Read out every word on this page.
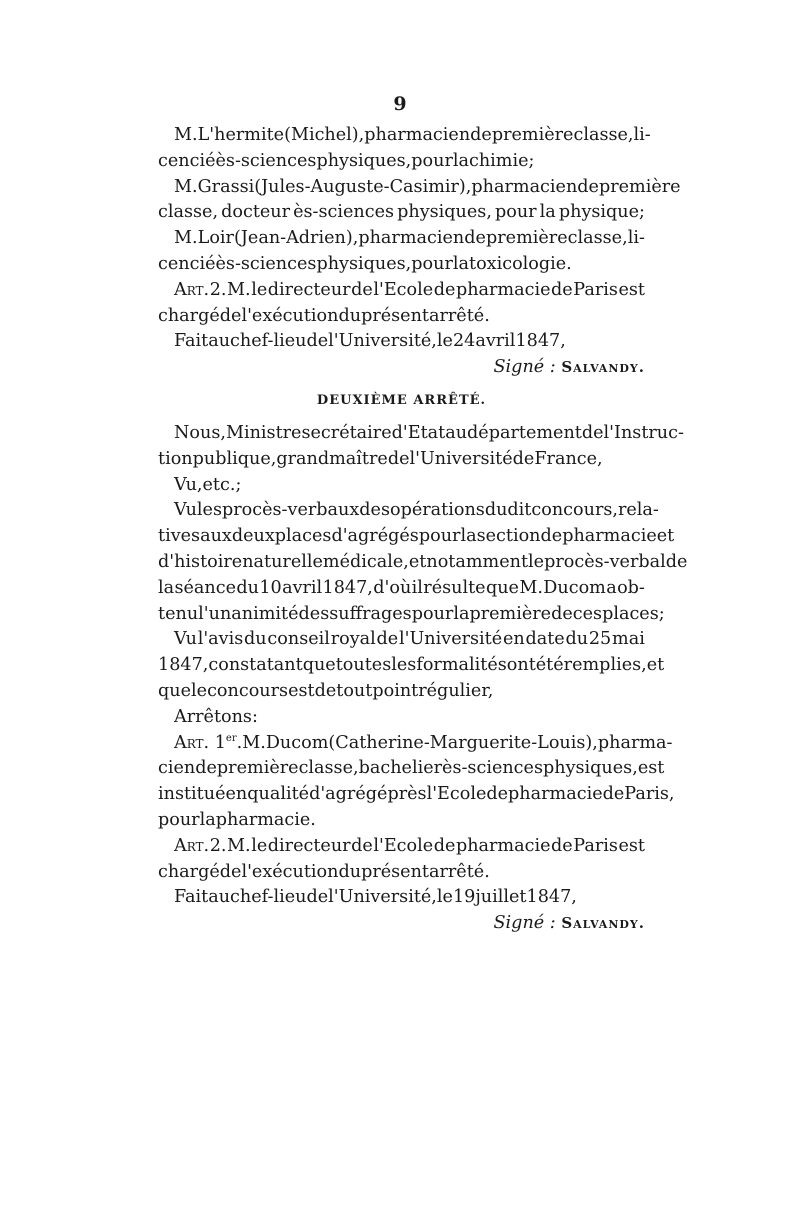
9
M. L'hermite (Michel), pharmacien de première classe, li-
cencié ès-sciences physiques, pour la chimie;
M. Grassi (Jules-Auguste-Casimir), pharmacien de première
classe, docteur ès-sciences physiques, pour la physique;
M. Loir (Jean-Adrien), pharmacien de première classe, li-
cencié ès-sciences physiques, pour la toxicologie.
Art. 2. M. le directeur de l'Ecole de pharmacie de Paris est
chargé de l'exécution du présent arrêté.
Fait au chef-lieu de l'Université, le 24 avril 1847,
Signé :
Salvandy.
DEUXIÈME ARRÊTÉ.
Nous, Ministre secrétaire d'Etat au département de l'Instruc-
tion publique, grand maître de l'Université de France,
Vu, etc.;
Vu les procès-verbaux des opérations dudit concours, rela-
tives aux deux places d'agrégés pour la section de pharmacie et
d'histoire naturelle médicale, et notamment le procès-verbal de
la séance du 10 avril 1847, d'où il résulte que M. Ducom a ob-
tenu l'unanimité des suffrages pour la première de ces places;
Vu l'avis du conseil royal de l'Université en date du 25 mai
1847, constatant que toutes les formalités ont été remplies, et
que le concours est de tout point régulier,
Arrêtons :
Art. 1er. M. Ducom (Catherine-Marguerite-Louis), pharma-
cien de première classe, bachelier ès-sciences physiques, est
institué en qualité d'agrégé près l'Ecole de pharmacie de Paris,
pour la pharmacie.
Art. 2. M. le directeur de l'Ecole de pharmacie de Paris est
chargé de l'exécution du présent arrêté.
Fait au chef-lieu de l'Université, le 19 juillet 1847,
Signé :
Salvandy.
